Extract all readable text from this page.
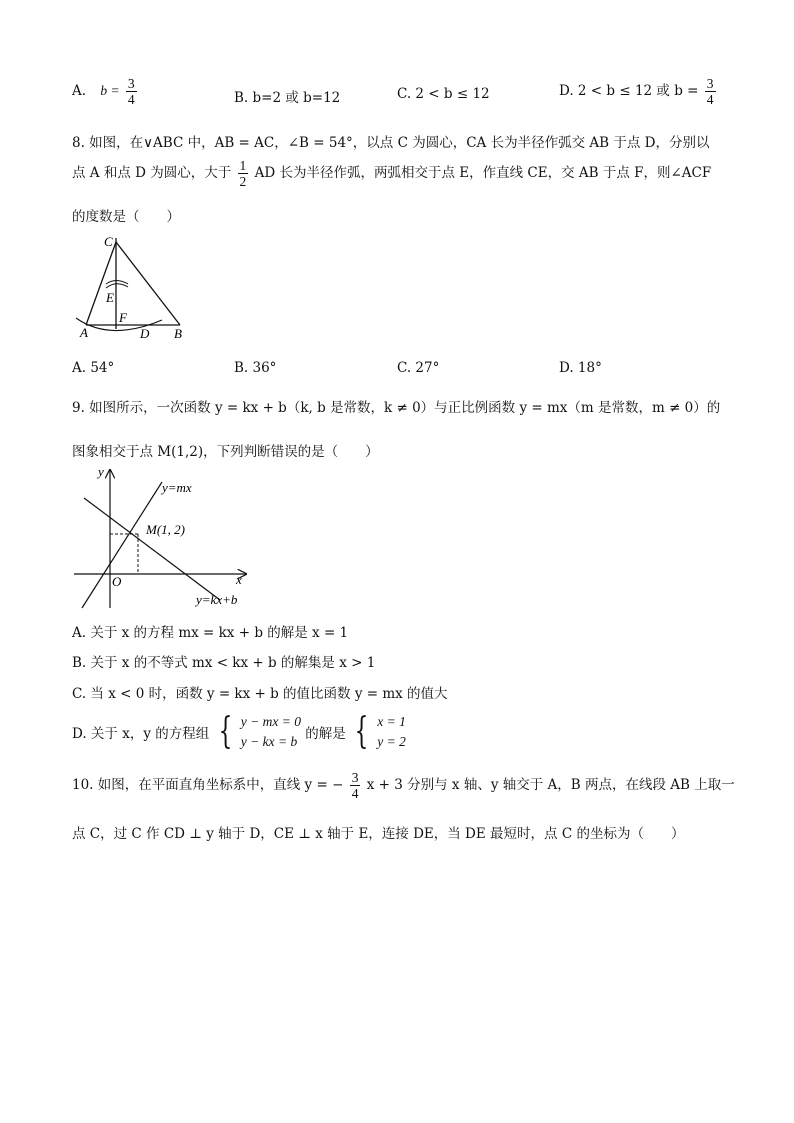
A. $b = \frac{3}{4}$	B. b=2 或 b=12	C. 2 < b ≤ 12	D. 2 < b ≤ 12 或 $b = \frac{3}{4}$
8. 如图，在∨ABC 中，AB = AC，∠B = 54°，以点 C 为圆心，CA 长为半径作弧交 AB 于点 D，分别以
点 A 和点 D 为圆心，大于 $\frac{1}{2}$ AD 长为半径作弧，两弧相交于点 E，作直线 CE，交 AB 于点 F，则∠ACF
的度数是（　　）
C
E
F
A	D B
A. 54°	B. 36°	C. 27°	D. 18°
9. 如图所示，一次函数 y = kx + b（k, b 是常数，k ≠ 0）与正比例函数 y = mx（m 是常数，m ≠ 0）的
图象相交于点 M(1,2)，下列判断错误的是（　　）
y
x
O
y=mx
M(1, 2)
y=kx+b
A. 关于 x 的方程 mx = kx + b 的解是 x = 1
B. 关于 x 的不等式 mx < kx + b 的解集是 x > 1
C. 当 x < 0 时，函数 y = kx + b 的值比函数 y = mx 的值大
D. 关于 x，y 的方程组 { y − mx = 0
y − kx = b 的解是 { x = 1
y = 2
10. 如图，在平面直角坐标系中，直线 y = − $\frac{3}{4}$ x + 3 分别与 x 轴、y 轴交于 A，B 两点，在线段 AB 上取一
点 C，过 C 作 CD ⊥ y 轴于 D，CE ⊥ x 轴于 E，连接 DE，当 DE 最短时，点 C 的坐标为（　　）
